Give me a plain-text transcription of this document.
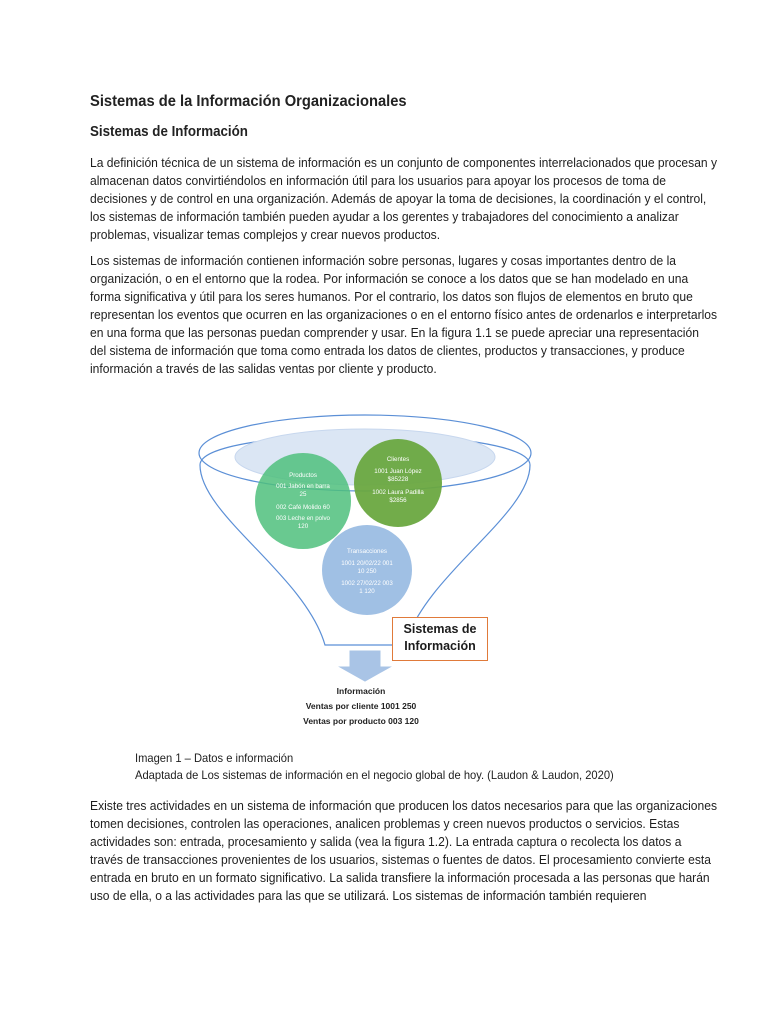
Sistemas de la Información Organizacionales
Sistemas de Información
La definición técnica de un sistema de información es un conjunto de componentes interrelacionados que procesan y
almacenan datos convirtiéndolos en información útil para los usuarios para apoyar los procesos de toma de
decisiones y de control en una organización. Además de apoyar la toma de decisiones, la coordinación y el control,
los sistemas de información también pueden ayudar a los gerentes y trabajadores del conocimiento a analizar
problemas, visualizar temas complejos y crear nuevos productos.
Los sistemas de información contienen información sobre personas, lugares y cosas importantes dentro de la
organización, o en el entorno que la rodea. Por información se conoce a los datos que se han modelado en una
forma significativa y útil para los seres humanos. Por el contrario, los datos son flujos de elementos en bruto que
representan los eventos que ocurren en las organizaciones o en el entorno físico antes de ordenarlos e interpretarlos
en una forma que las personas puedan comprender y usar. En la figura 1.1 se puede apreciar una representación
del sistema de información que toma como entrada los datos de clientes, productos y transacciones, y produce
información a través de las salidas ventas por cliente y producto.
Productos
001 Jabón en barra
25
002 Café Molido 60
003 Leche en polvo
120
Clientes
1001 Juan López
$85228
1002 Laura Padilla
$2856
Transacciones
1001 20/02/22 001
10 250
1002 27/02/22 003
1 120
Sistemas de
Información
Información
Ventas por cliente 1001 250
Ventas por producto 003 120
Imagen 1 – Datos e información
Adaptada de Los sistemas de información en el negocio global de hoy. (Laudon & Laudon, 2020)
Existe tres actividades en un sistema de información que producen los datos necesarios para que las organizaciones
tomen decisiones, controlen las operaciones, analicen problemas y creen nuevos productos o servicios. Estas
actividades son: entrada, procesamiento y salida (vea la figura 1.2). La entrada captura o recolecta los datos a
través de transacciones provenientes de los usuarios, sistemas o fuentes de datos. El procesamiento convierte esta
entrada en bruto en un formato significativo. La salida transfiere la información procesada a las personas que harán
uso de ella, o a las actividades para las que se utilizará. Los sistemas de información también requieren
